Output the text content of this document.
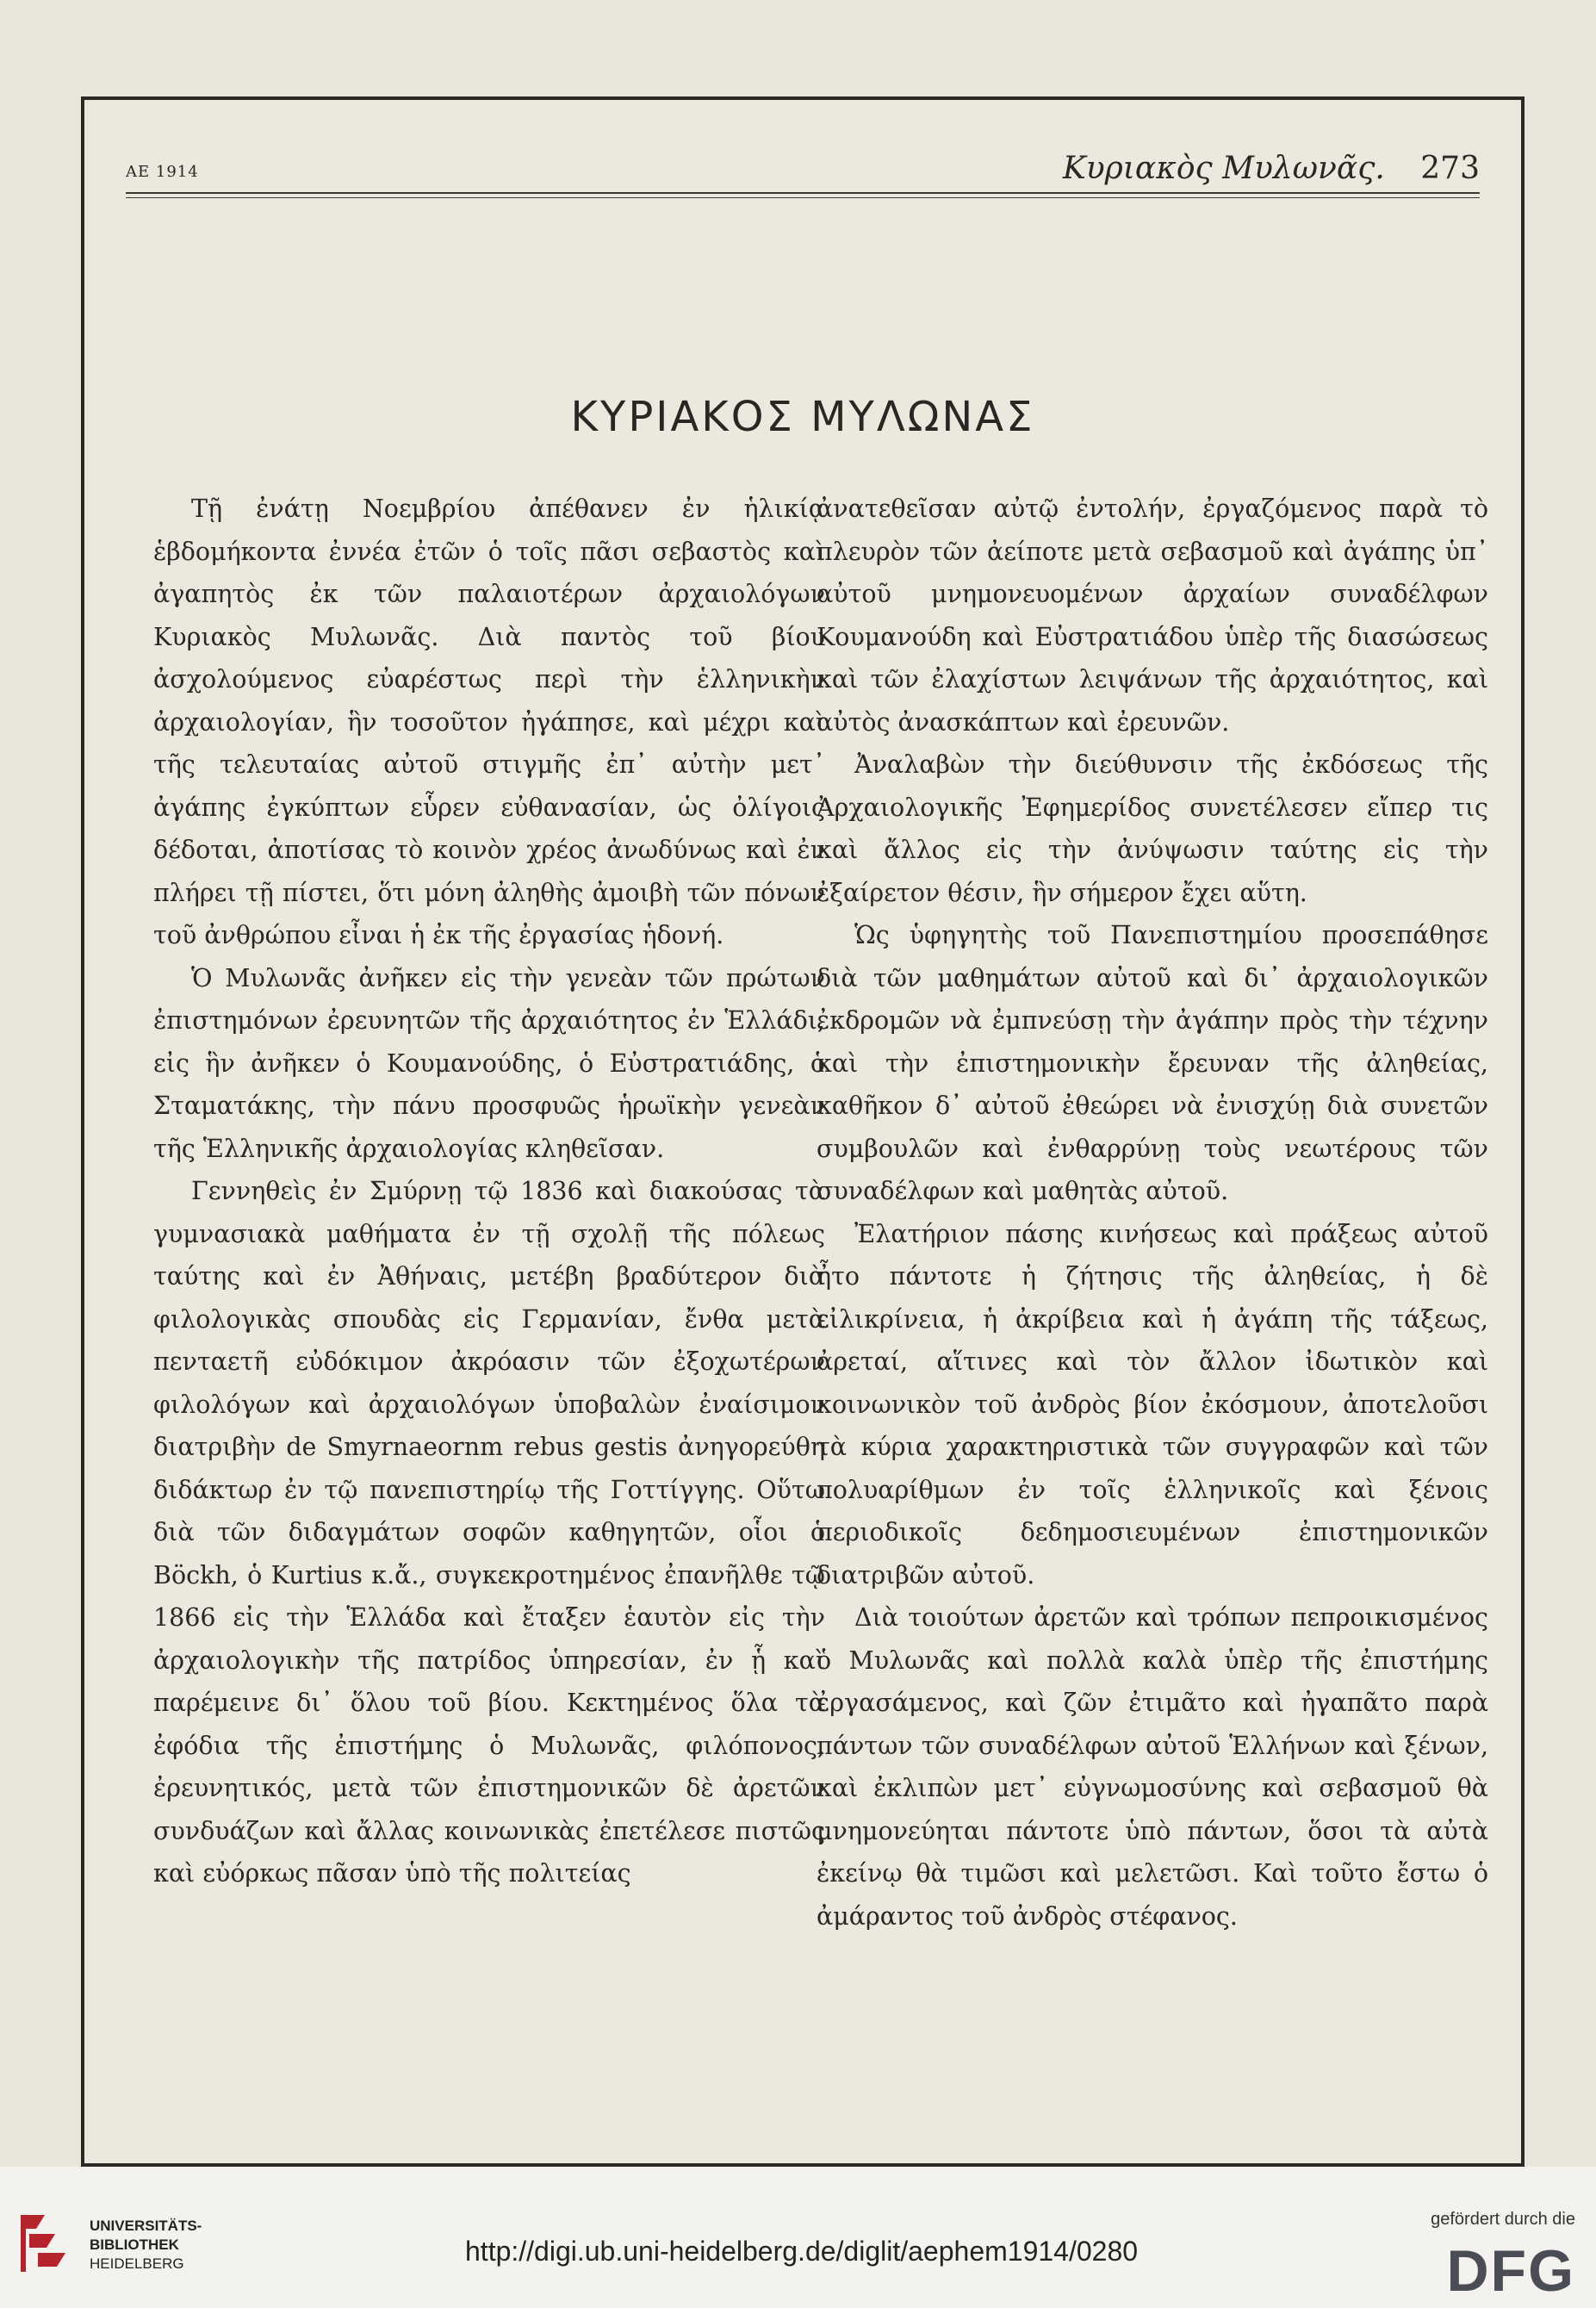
ΑΕ 1914	Κυριακὸς Μυλωνᾶς. 273
ΚΥΡΙΑΚΟΣ ΜΥΛΩΝΑΣ

Τῇ ἐνάτῃ Νοεμβρίου ἀπέθανεν ἐν ἡλικίᾳ ἑβδομήκοντα ἐννέα ἐτῶν ὁ τοῖς πᾶσι σεβαστὸς καὶ ἀγαπητὸς ἐκ τῶν παλαιοτέρων ἀρχαιολόγων Κυριακὸς Μυλωνᾶς. Διὰ παντὸς τοῦ βίου ἀσχολούμενος εὐαρέστως περὶ τὴν ἑλληνικὴν ἀρχαιολογίαν, ἣν τοσοῦτον ἠγάπησε, καὶ μέχρι καὶ τῆς τελευταίας αὐτοῦ στιγμῆς ἐπ᾿ αὐτὴν μετ᾿ ἀγάπης ἐγκύπτων εὗρεν εὐθανασίαν, ὡς ὀλίγοις δέδοται, ἀποτίσας τὸ κοινὸν χρέος ἀνωδύνως καὶ ἐν πλήρει τῇ πίστει, ὅτι μόνη ἀληθὴς ἀμοιβὴ τῶν πόνων τοῦ ἀνθρώπου εἶναι ἡ ἐκ τῆς ἐργασίας ἡδονή.

Ὁ Μυλωνᾶς ἀνῆκεν εἰς τὴν γενεὰν τῶν πρώτων ἐπιστημόνων ἐρευνητῶν τῆς ἀρχαιότητος ἐν Ἑλλάδι, εἰς ἣν ἀνῆκεν ὁ Κουμανούδης, ὁ Εὐστρατιάδης, ὁ Σταματάκης, τὴν πάνυ προσφυῶς ἡρωϊκὴν γενεὰν τῆς Ἑλληνικῆς ἀρχαιολογίας κληθεῖσαν.

Γεννηθεὶς ἐν Σμύρνῃ τῷ 1836 καὶ διακούσας τὰ γυμνασιακὰ μαθήματα ἐν τῇ σχολῇ τῆς πόλεως ταύτης καὶ ἐν Ἀθήναις, μετέβη βραδύτερον διὰ φιλολογικὰς σπουδὰς εἰς Γερμανίαν, ἔνθα μετὰ πενταετῆ εὐδόκιμον ἀκρόασιν τῶν ἐξοχωτέρων φιλολόγων καὶ ἀρχαιολόγων ὑποβαλὼν ἐναίσιμον διατριβὴν de Smyrnaeornm rebus gestis ἀνηγορεύθη διδάκτωρ ἐν τῷ πανεπιστηρίῳ τῆς Γοττίγγης. Οὕτω διὰ τῶν διδαγμάτων σοφῶν καθηγητῶν, οἷοι ὁ Böckh, ὁ Kurtius κ.ἄ., συγκεκροτημένος ἐπανῆλθε τῷ 1866 εἰς τὴν Ἑλλάδα καὶ ἔταξεν ἑαυτὸν εἰς τὴν ἀρχαιολογικὴν τῆς πατρίδος ὑπηρεσίαν, ἐν ᾗ καὶ παρέμεινε δι᾿ ὅλου τοῦ βίου. Κεκτημένος ὅλα τὰ ἐφόδια τῆς ἐπιστήμης ὁ Μυλωνᾶς, φιλόπονος, ἐρευνητικός, μετὰ τῶν ἐπιστημονικῶν δὲ ἀρετῶν συνδυάζων καὶ ἄλλας κοινωνικὰς ἐπετέλεσε πιστῶς καὶ εὐόρκως πᾶσαν ὑπὸ τῆς πολιτείας

ἀνατεθεῖσαν αὐτῷ ἐντολήν, ἐργαζόμενος παρὰ τὸ πλευρὸν τῶν ἀείποτε μετὰ σεβασμοῦ καὶ ἀγάπης ὑπ᾿ αὐτοῦ μνημονευομένων ἀρχαίων συναδέλφων Κουμανούδη καὶ Εὐστρατιάδου ὑπὲρ τῆς διασώσεως καὶ τῶν ἐλαχίστων λειψάνων τῆς ἀρχαιότητος, καὶ αὐτὸς ἀνασκάπτων καὶ ἐρευνῶν.

Ἀναλαβὼν τὴν διεύθυνσιν τῆς ἐκδόσεως τῆς Ἀρχαιολογικῆς Ἐφημερίδος συνετέλεσεν εἴπερ τις καὶ ἄλλος εἰς τὴν ἀνύψωσιν ταύτης εἰς τὴν ἐξαίρετον θέσιν, ἣν σήμερον ἔχει αὕτη.

Ὡς ὑφηγητὴς τοῦ Πανεπιστημίου προσεπάθησε διὰ τῶν μαθημάτων αὐτοῦ καὶ δι᾿ ἀρχαιολογικῶν ἐκδρομῶν νὰ ἐμπνεύσῃ τὴν ἀγάπην πρὸς τὴν τέχνην καὶ τὴν ἐπιστημονικὴν ἔρευναν τῆς ἀληθείας, καθῆκον δ᾿ αὐτοῦ ἐθεώρει νὰ ἐνισχύῃ διὰ συνετῶν συμβουλῶν καὶ ἐνθαρρύνῃ τοὺς νεωτέρους τῶν συναδέλφων καὶ μαθητὰς αὐτοῦ.

Ἐλατήριον πάσης κινήσεως καὶ πράξεως αὐτοῦ ἦτο πάντοτε ἡ ζήτησις τῆς ἀληθείας, ἡ δὲ εἰλικρίνεια, ἡ ἀκρίβεια καὶ ἡ ἀγάπη τῆς τάξεως, ἀρεταί, αἵτινες καὶ τὸν ἄλλον ἰδωτικὸν καὶ κοινωνικὸν τοῦ ἀνδρὸς βίον ἐκόσμουν, ἀποτελοῦσι τὰ κύρια χαρακτηριστικὰ τῶν συγγραφῶν καὶ τῶν πολυαρίθμων ἐν τοῖς ἑλληνικοῖς καὶ ξένοις περιοδικοῖς δεδημοσιευμένων ἐπιστημονικῶν διατριβῶν αὐτοῦ.

Διὰ τοιούτων ἀρετῶν καὶ τρόπων πεπροικισμένος ὁ Μυλωνᾶς καὶ πολλὰ καλὰ ὑπὲρ τῆς ἐπιστήμης ἐργασάμενος, καὶ ζῶν ἐτιμᾶτο καὶ ἠγαπᾶτο παρὰ πάντων τῶν συναδέλφων αὐτοῦ Ἑλλήνων καὶ ξένων, καὶ ἐκλιπὼν μετ᾿ εὐγνωμοσύνης καὶ σεβασμοῦ θὰ μνημονεύηται πάντοτε ὑπὸ πάντων, ὅσοι τὰ αὐτὰ ἐκείνῳ θὰ τιμῶσι καὶ μελετῶσι. Καὶ τοῦτο ἔστω ὁ ἀμάραντος τοῦ ἀνδρὸς στέφανος.

UNIVERSITÄTS-
BIBLIOTHEK
HEIDELBERG	http://digi.ub.uni-heidelberg.de/diglit/aephem1914/0280
gefördert durch die
DFG
